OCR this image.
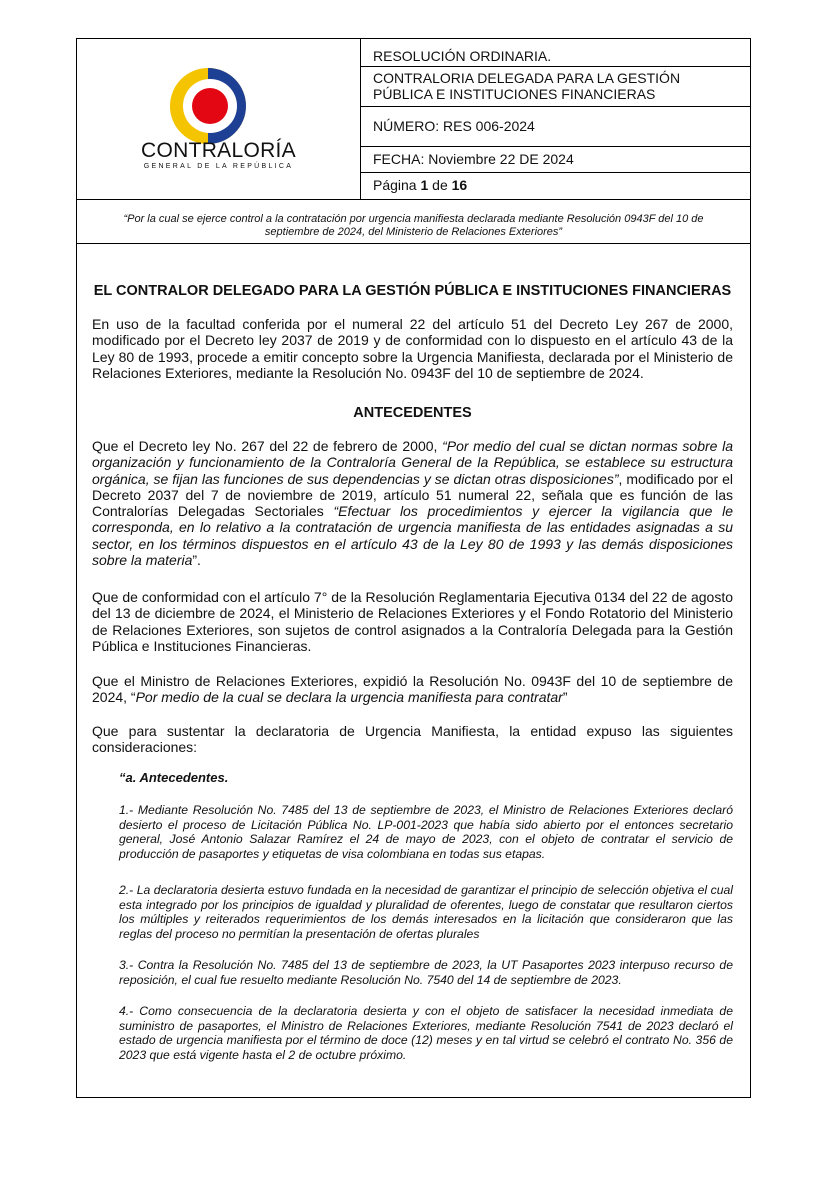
CONTRALORÍA
GENERAL DE LA REPÚBLICA
RESOLUCIÓN ORDINARIA.
CONTRALORIA DELEGADA PARA LA GESTIÓN
PÚBLICA E INSTITUCIONES FINANCIERAS
NÚMERO: RES 006-2024
FECHA: Noviembre 22 DE 2024
Página 1 de 16
“Por la cual se ejerce control a la contratación por urgencia manifiesta declarada mediante Resolución 0943F del 10 de septiembre de 2024, del Ministerio de Relaciones Exteriores”
EL CONTRALOR DELEGADO PARA LA GESTIÓN PÚBLICA E INSTITUCIONES FINANCIERAS

En uso de la facultad conferida por el numeral 22 del artículo 51 del Decreto Ley 267 de 2000, modificado por el Decreto ley 2037 de 2019 y de conformidad con lo dispuesto en el artículo 43 de la Ley 80 de 1993, procede a emitir concepto sobre la Urgencia Manifiesta, declarada por el Ministerio de Relaciones Exteriores, mediante la Resolución No. 0943F del 10 de septiembre de 2024.

ANTECEDENTES

Que el Decreto ley No. 267 del 22 de febrero de 2000, “Por medio del cual se dictan normas sobre la organización y funcionamiento de la Contraloría General de la República, se establece su estructura orgánica, se fijan las funciones de sus dependencias y se dictan otras disposiciones”, modificado por el Decreto 2037 del 7 de noviembre de 2019, artículo 51 numeral 22, señala que es función de las Contralorías Delegadas Sectoriales “Efectuar los procedimientos y ejercer la vigilancia que le corresponda, en lo relativo a la contratación de urgencia manifiesta de las entidades asignadas a su sector, en los términos dispuestos en el artículo 43 de la Ley 80 de 1993 y las demás disposiciones sobre la materia”.

Que de conformidad con el artículo 7° de la Resolución Reglamentaria Ejecutiva 0134 del 22 de agosto del 13 de diciembre de 2024, el Ministerio de Relaciones Exteriores y el Fondo Rotatorio del Ministerio de Relaciones Exteriores, son sujetos de control asignados a la Contraloría Delegada para la Gestión Pública e Instituciones Financieras.

Que el Ministro de Relaciones Exteriores, expidió la Resolución No. 0943F del 10 de septiembre de 2024, “Por medio de la cual se declara la urgencia manifiesta para contratar”

Que para sustentar la declaratoria de Urgencia Manifiesta, la entidad expuso las siguientes consideraciones:

“a. Antecedentes.

1.- Mediante Resolución No. 7485 del 13 de septiembre de 2023, el Ministro de Relaciones Exteriores declaró desierto el proceso de Licitación Pública No. LP-001-2023 que había sido abierto por el entonces secretario general, José Antonio Salazar Ramírez el 24 de mayo de 2023, con el objeto de contratar el servicio de producción de pasaportes y etiquetas de visa colombiana en todas sus etapas.

2.- La declaratoria desierta estuvo fundada en la necesidad de garantizar el principio de selección objetiva el cual esta integrado por los principios de igualdad y pluralidad de oferentes, luego de constatar que resultaron ciertos los múltiples y reiterados requerimientos de los demás interesados en la licitación que consideraron que las reglas del proceso no permitían la presentación de ofertas plurales

3.- Contra la Resolución No. 7485 del 13 de septiembre de 2023, la UT Pasaportes 2023 interpuso recurso de reposición, el cual fue resuelto mediante Resolución No. 7540 del 14 de septiembre de 2023.

4.- Como consecuencia de la declaratoria desierta y con el objeto de satisfacer la necesidad inmediata de suministro de pasaportes, el Ministro de Relaciones Exteriores, mediante Resolución 7541 de 2023 declaró el estado de urgencia manifiesta por el término de doce (12) meses y en tal virtud se celebró el contrato No. 356 de 2023 que está vigente hasta el 2 de octubre próximo.
